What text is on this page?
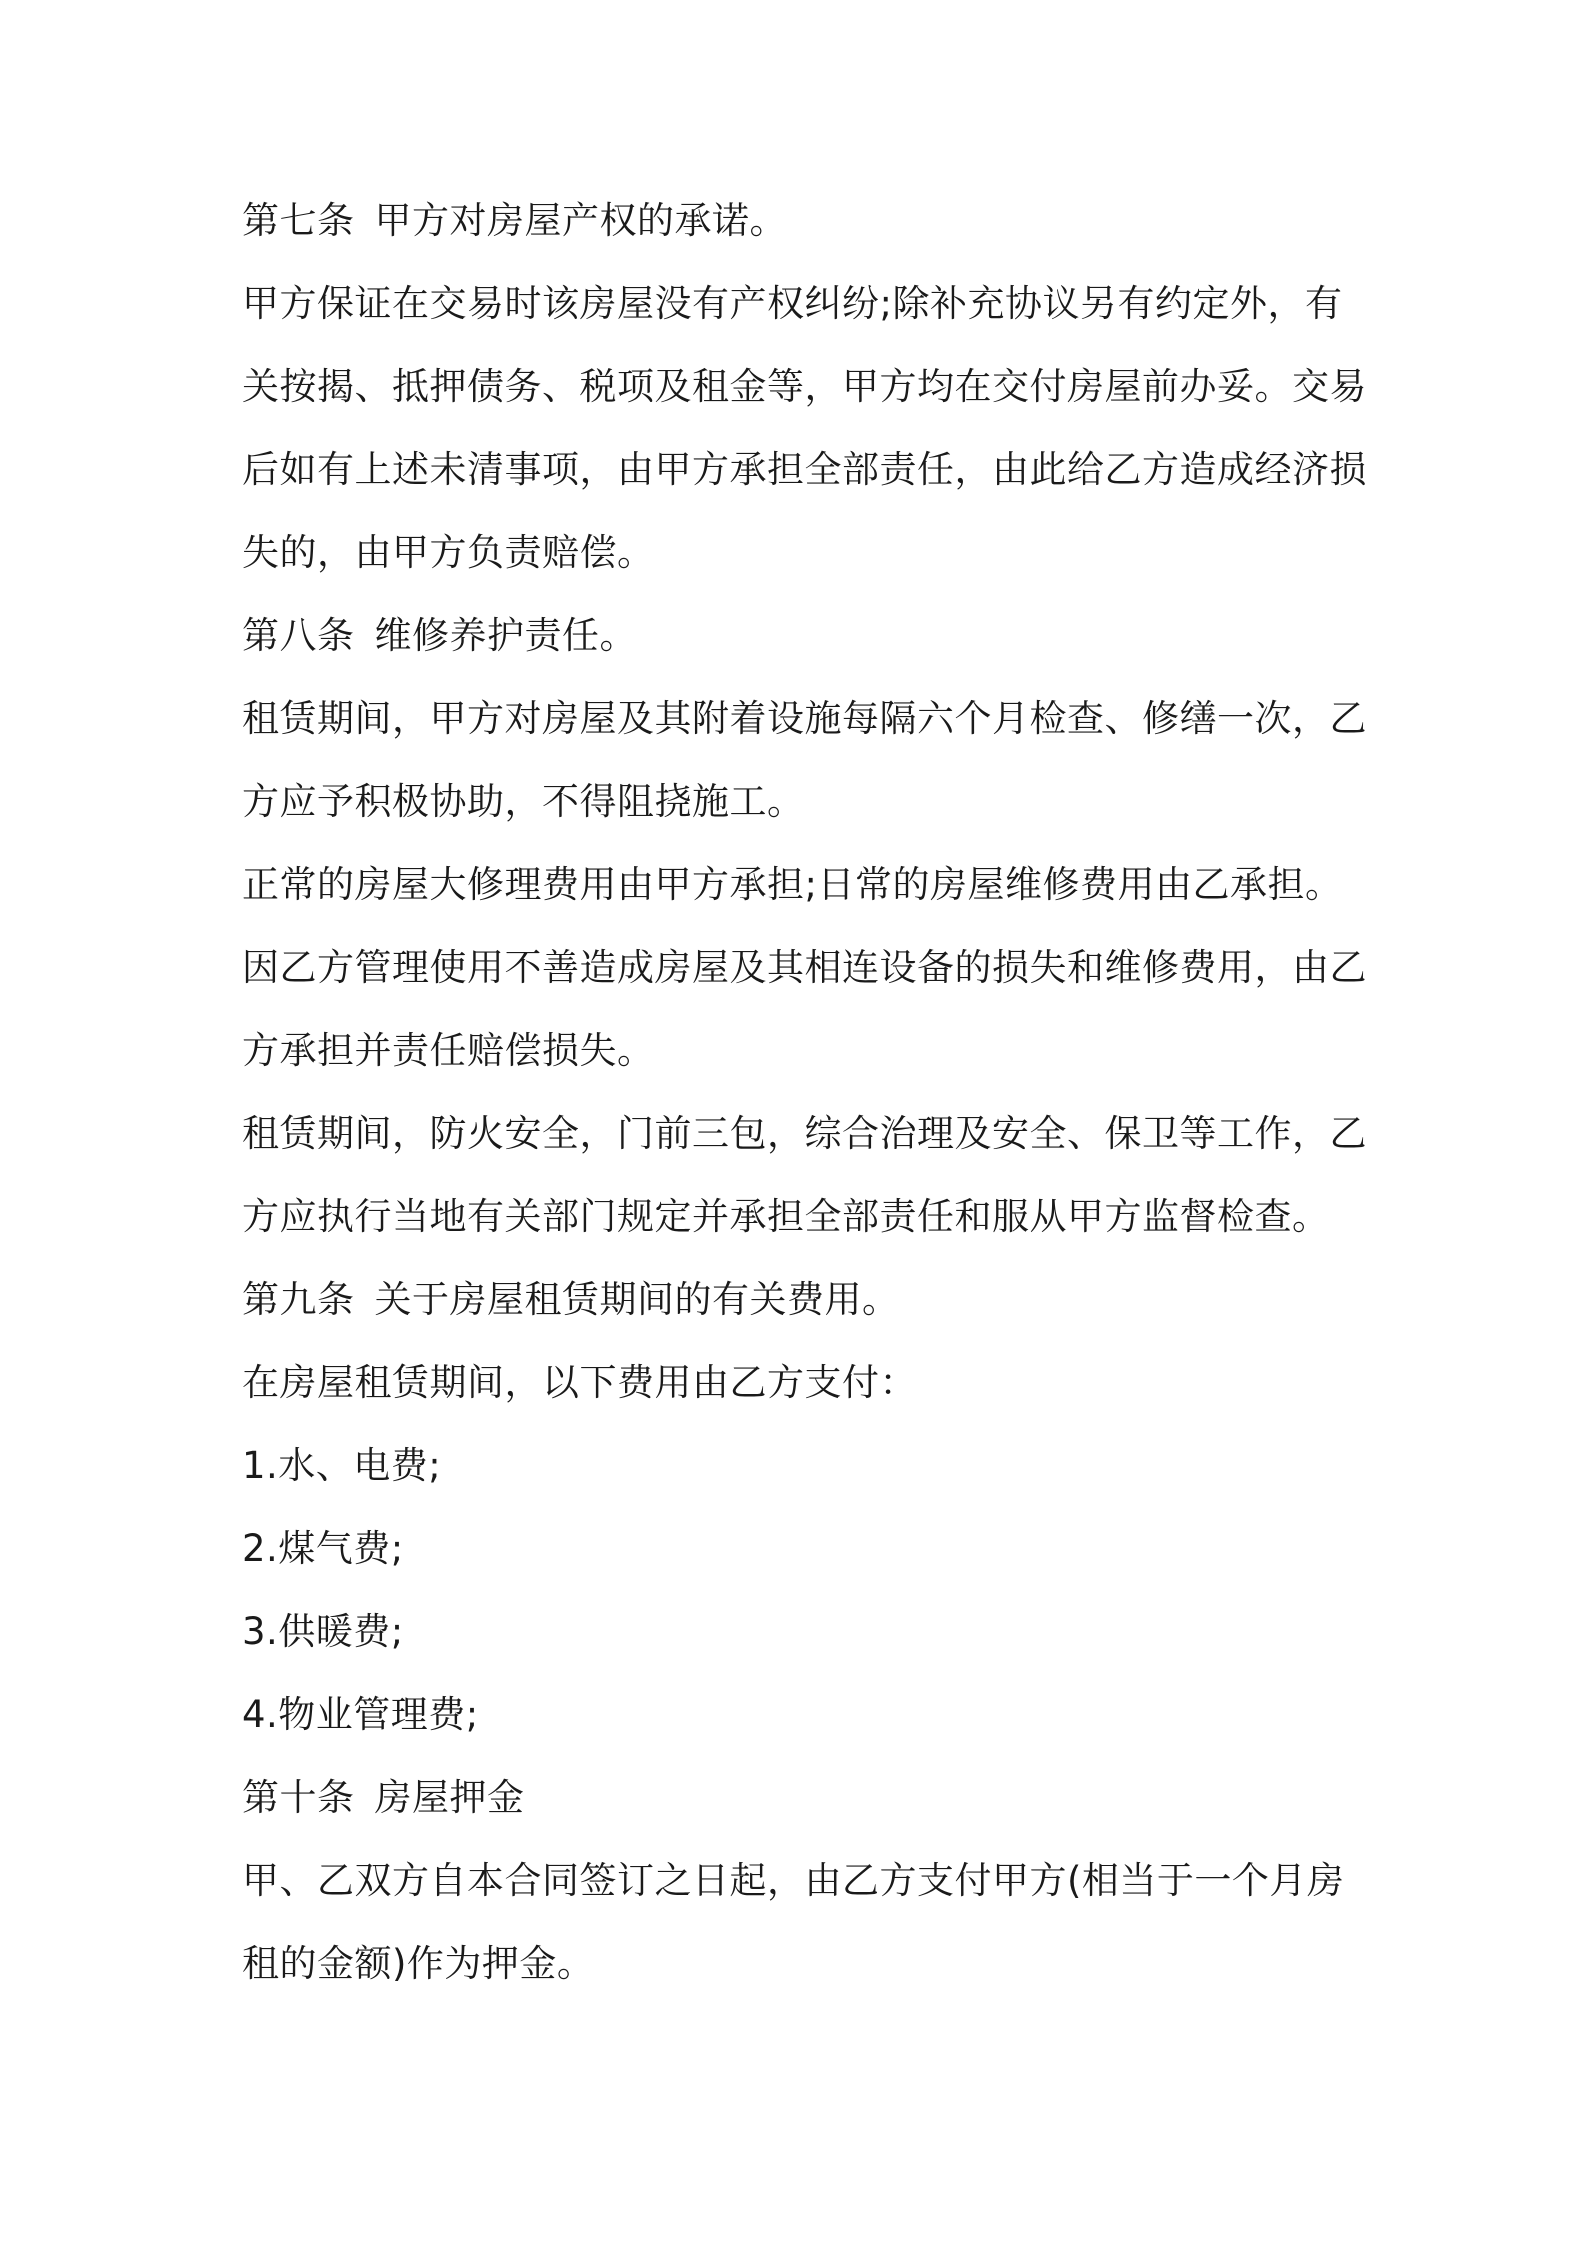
第七条 甲方对房屋产权的承诺。

甲方保证在交易时该房屋没有产权纠纷;除补充协议另有约定外，有

关按揭、抵押债务、税项及租金等，甲方均在交付房屋前办妥。交易

后如有上述未清事项，由甲方承担全部责任，由此给乙方造成经济损

失的，由甲方负责赔偿。

第八条 维修养护责任。

租赁期间，甲方对房屋及其附着设施每隔六个月检查、修缮一次，乙

方应予积极协助，不得阻挠施工。

正常的房屋大修理费用由甲方承担;日常的房屋维修费用由乙承担。

因乙方管理使用不善造成房屋及其相连设备的损失和维修费用，由乙

方承担并责任赔偿损失。

租赁期间，防火安全，门前三包，综合治理及安全、保卫等工作，乙

方应执行当地有关部门规定并承担全部责任和服从甲方监督检查。

第九条 关于房屋租赁期间的有关费用。

在房屋租赁期间，以下费用由乙方支付：

1.水、电费;

2.煤气费;

3.供暖费;

4.物业管理费;

第十条 房屋押金

甲、乙双方自本合同签订之日起，由乙方支付甲方(相当于一个月房

租的金额)作为押金。
